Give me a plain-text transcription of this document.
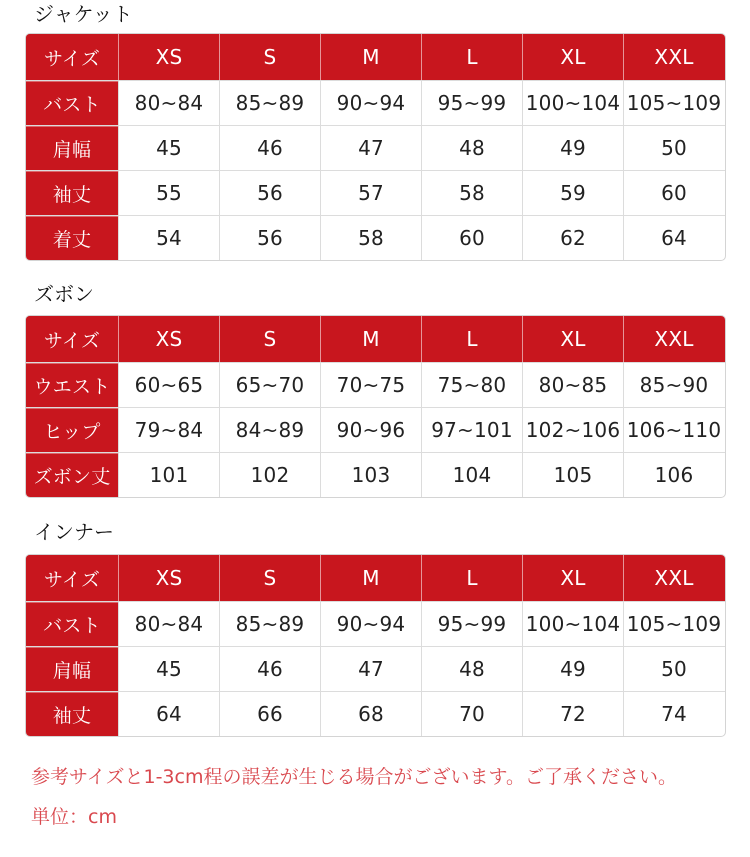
ジャケット
サイズ	XS	S	M	L	XL	XXL
バスト	80~84	85~89	90~94	95~99 100~104 105~109
肩幅	45	46	47	48	49	50
袖丈	55	56	57	58	59	60
着丈	54	56	58	60	62	64
ズボン
サイズ	XS	S	M	L	XL	XXL
ウエスト	60~65	65~70	70~75	75~80	80~85	85~90
ヒップ	79~84	84~89	90~96	97~101 102~106 106~110
ズボン丈	101	102	103	104	105	106
インナー
サイズ	XS	S	M	L	XL	XXL
バスト	80~84	85~89	90~94	95~99 100~104 105~109
肩幅	45	46	47	48	49	50
袖丈	64	66	68	70	72	74
参考サイズと1-3cm程の誤差が生じる場合がございます。ご了承ください。
単位：cm
